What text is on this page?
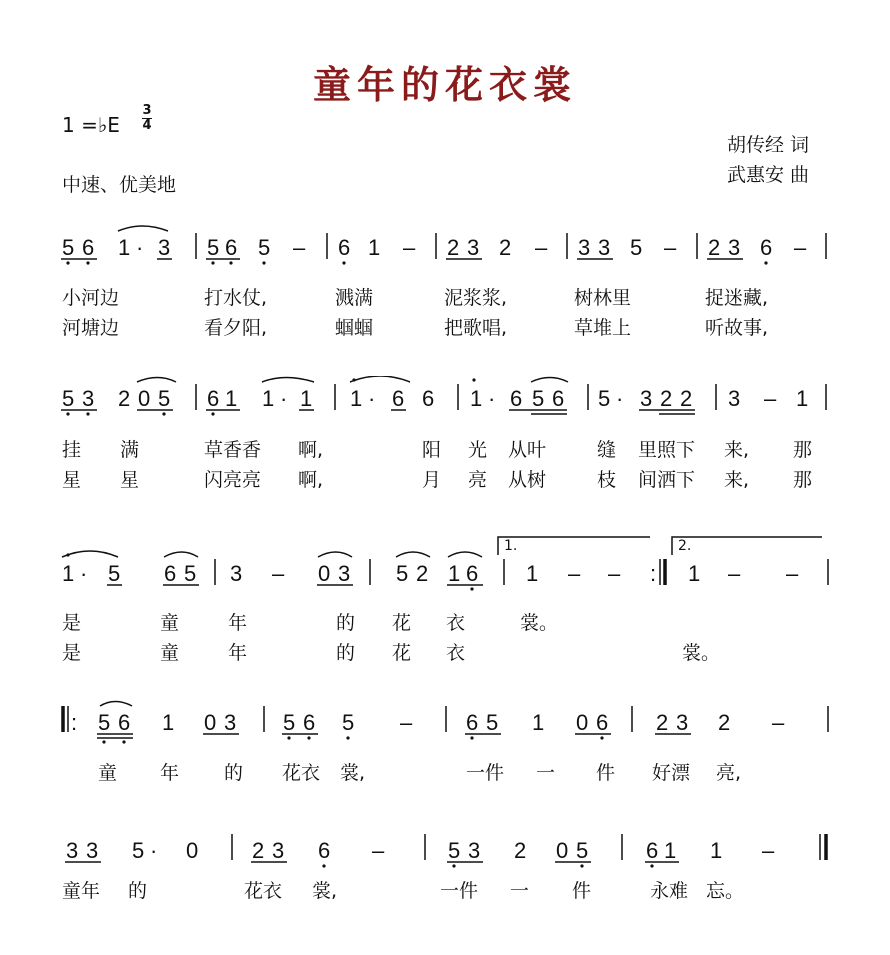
童年的花衣裳
1 =♭E
3
4
中速、优美地
胡传经 词
武惠安 曲
5 6 1 · 3 5 6 5 – 6 1 – 2 3 2 – 3 3 5 – 2 3 6 –
小河边	打水仗,	溅满	泥浆浆,	树林里	捉迷藏,
河塘边	看夕阳,	蝈蝈	把歌唱,	草堆上	听故事,
5 3 2 0 5 6 1 1 · 1 1 · 6 6 1 · 6 5 6 5 · 3 2 2 3 – 1
挂 满	草香香 啊,	阳 光 从叶	缝 里照下 来, 那
星 星	闪亮亮 啊,	月 亮 从树	枝 间洒下 来, 那
1.	2.
1 · 5 6 5 3 – 0 3 5 2 1 6 1 – – : 1 – –
是	童	年	的 花 衣	裳。
是	童	年	的 花 衣	裳。
: 5 6 1 0 3 5 6 5 – 6 5 1 0 6 2 3 2 –
童 年 的 花衣 裳,	一件 一 件 好漂 亮,
3 3 5 · 0 2 3 6 –	5 3 2 0 5	6 1 1 –
童年 的	花衣 裳,	一件 一 件	永难 忘。
